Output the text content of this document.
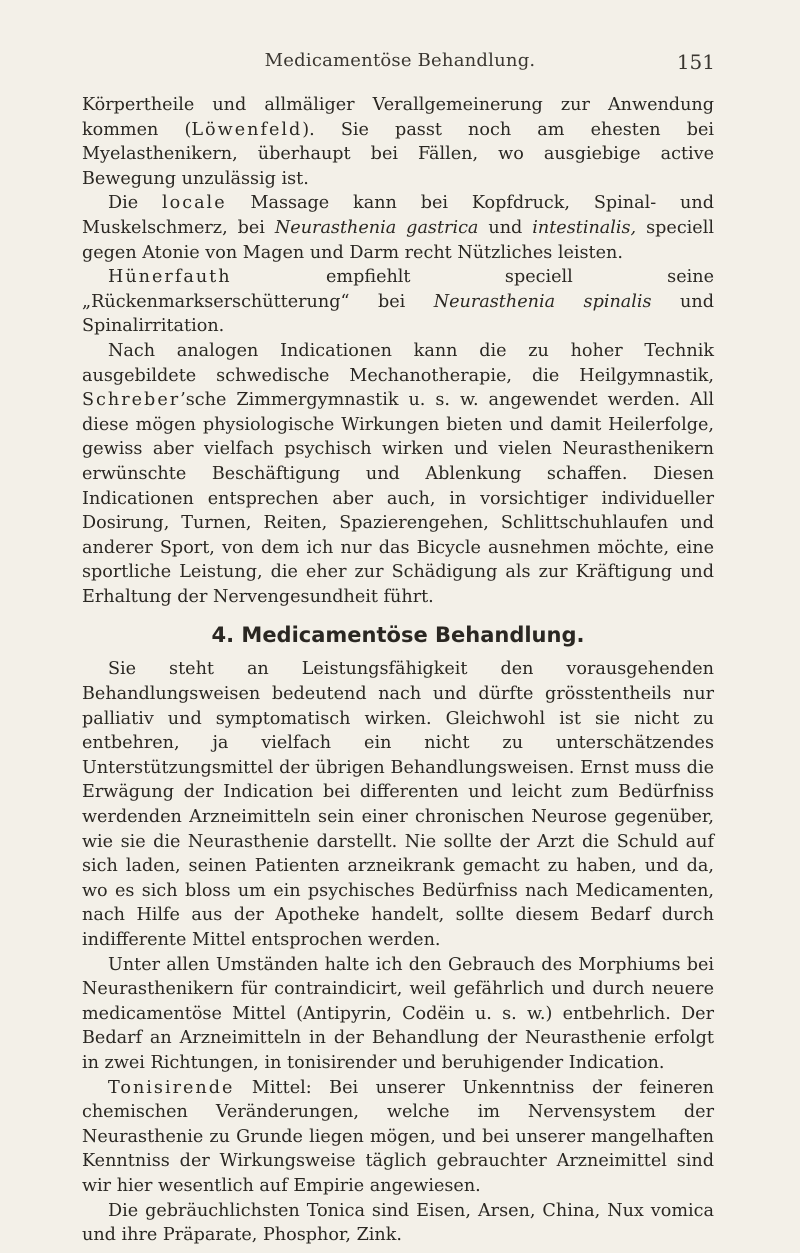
Medicamentöse Behandlung.	151

Körpertheile und allmäliger Verallgemeinerung zur Anwendung kommen (Löwenfeld). Sie passt noch am ehesten bei Myelasthenikern, überhaupt bei Fällen, wo ausgiebige active Bewegung unzulässig ist.

Die locale Massage kann bei Kopfdruck, Spinal- und Muskelschmerz, bei Neurasthenia gastrica und intestinalis, speciell gegen Atonie von Magen und Darm recht Nützliches leisten.

Hünerfauth empfiehlt speciell seine „Rückenmarkserschütterung“ bei Neurasthenia spinalis und Spinalirritation.

Nach analogen Indicationen kann die zu hoher Technik ausgebildete schwedische Mechanotherapie, die Heilgymnastik, Schreber’sche Zimmergymnastik u. s. w. angewendet werden. All diese mögen physiologische Wirkungen bieten und damit Heilerfolge, gewiss aber vielfach psychisch wirken und vielen Neurasthenikern erwünschte Beschäftigung und Ablenkung schaffen. Diesen Indicationen entsprechen aber auch, in vorsichtiger individueller Dosirung, Turnen, Reiten, Spazierengehen, Schlittschuhlaufen und anderer Sport, von dem ich nur das Bicycle ausnehmen möchte, eine sportliche Leistung, die eher zur Schädigung als zur Kräftigung und Erhaltung der Nervengesundheit führt.

4. Medicamentöse Behandlung.

Sie steht an Leistungsfähigkeit den vorausgehenden Behandlungsweisen bedeutend nach und dürfte grösstentheils nur palliativ und symptomatisch wirken. Gleichwohl ist sie nicht zu entbehren, ja vielfach ein nicht zu unterschätzendes Unterstützungsmittel der übrigen Behandlungsweisen. Ernst muss die Erwägung der Indication bei differenten und leicht zum Bedürfniss werdenden Arzneimitteln sein einer chronischen Neurose gegenüber, wie sie die Neurasthenie darstellt. Nie sollte der Arzt die Schuld auf sich laden, seinen Patienten arzneikrank gemacht zu haben, und da, wo es sich bloss um ein psychisches Bedürfniss nach Medicamenten, nach Hilfe aus der Apotheke handelt, sollte diesem Bedarf durch indifferente Mittel entsprochen werden.

Unter allen Umständen halte ich den Gebrauch des Morphiums bei Neurasthenikern für contraindicirt, weil gefährlich und durch neuere medicamentöse Mittel (Antipyrin, Codëin u. s. w.) entbehrlich. Der Bedarf an Arzneimitteln in der Behandlung der Neurasthenie erfolgt in zwei Richtungen, in tonisirender und beruhigender Indication.

Tonisirende Mittel: Bei unserer Unkenntniss der feineren chemischen Veränderungen, welche im Nervensystem der Neurasthenie zu Grunde liegen mögen, und bei unserer mangelhaften Kenntniss der Wirkungsweise täglich gebrauchter Arzneimittel sind wir hier wesentlich auf Empirie angewiesen.

Die gebräuchlichsten Tonica sind Eisen, Arsen, China, Nux vomica und ihre Präparate, Phosphor, Zink.
